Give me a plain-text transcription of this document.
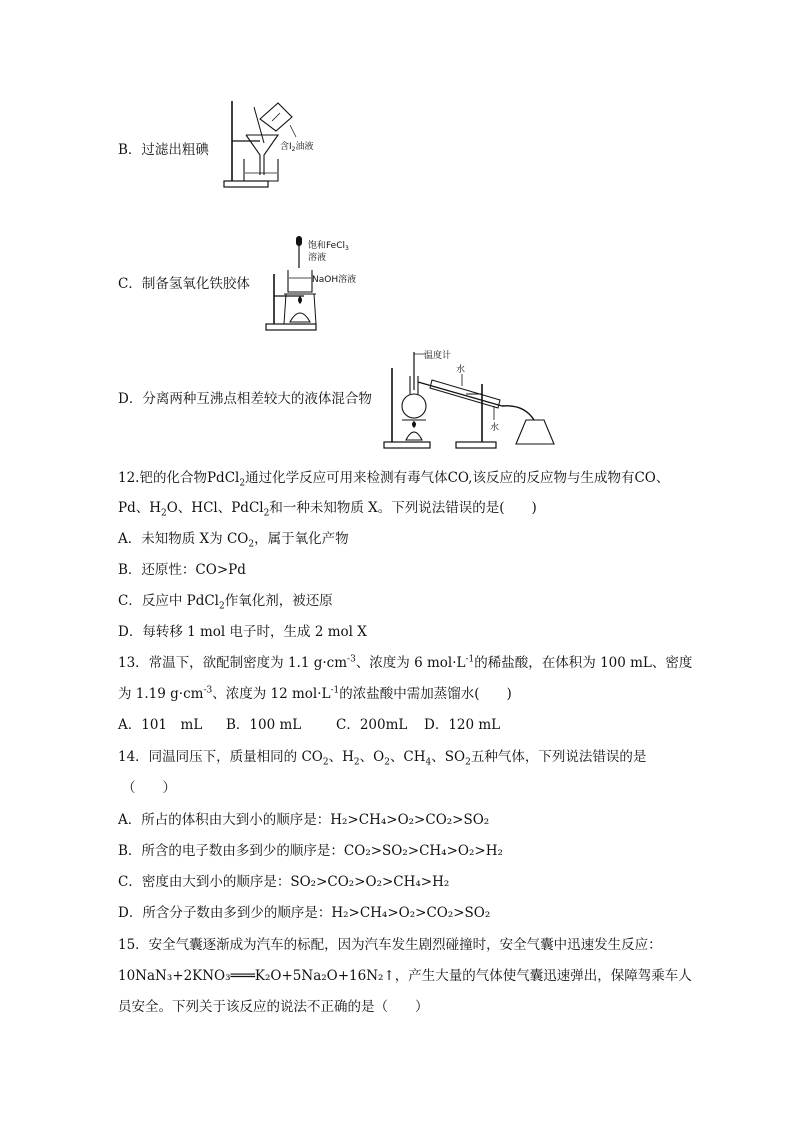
B．过滤出粗碘	含$I_2$油液
C．制备氢氧化铁胶体
饱和FeCl$_3$
溶液
NaOH溶液
D．分离两种互沸点相差较大的液体混合物
温度计
水
水
12.钯的化合物PdCl$_2$通过化学反应可用来检测有毒气体CO,该反应的反应物与生成物有CO、
Pd、$H_2O$、HCl、PdCl$_2$和一种未知物质 X。下列说法错误的是(　　)
A．未知物质 X为 $CO_2$，属于氧化产物
B．还原性：CO>Pd
C．反应中 PdCl$_2$作氧化剂，被还原
D．每转移 1 mol 电子时，生成 2 mol X
13．常温下，欲配制密度为 1.1 $g\cdot cm^{-3}$、浓度为 6 $mol\cdot L^{-1}$的稀盐酸，在体积为 100 mL、密度
为 1.19 $g\cdot cm^{-3}$、浓度为 12 $mol\cdot L^{-1}$的浓盐酸中需加蒸馏水(　　)
A．101　mL B．100 mL	C．200mL D．120 mL
14．同温同压下，质量相同的 $CO_2$、$H_2$、$O_2$、$CH_4$、$SO_2$五种气体，下列说法错误的是
（　　）
A．所占的体积由大到小的顺序是：H₂>CH₄>O₂>CO₂>SO₂
B．所含的电子数由多到少的顺序是：CO₂>SO₂>CH₄>O₂>H₂
C．密度由大到小的顺序是：SO₂>CO₂>O₂>CH₄>H₂
D．所含分子数由多到少的顺序是：H₂>CH₄>O₂>CO₂>SO₂
15．安全气囊逐渐成为汽车的标配，因为汽车发生剧烈碰撞时，安全气囊中迅速发生反应：
10NaN₃+2KNO₃═══K₂O+5Na₂O+16N₂↑，产生大量的气体使气囊迅速弹出，保障驾乘车人
员安全。下列关于该反应的说法不正确的是（　　）
